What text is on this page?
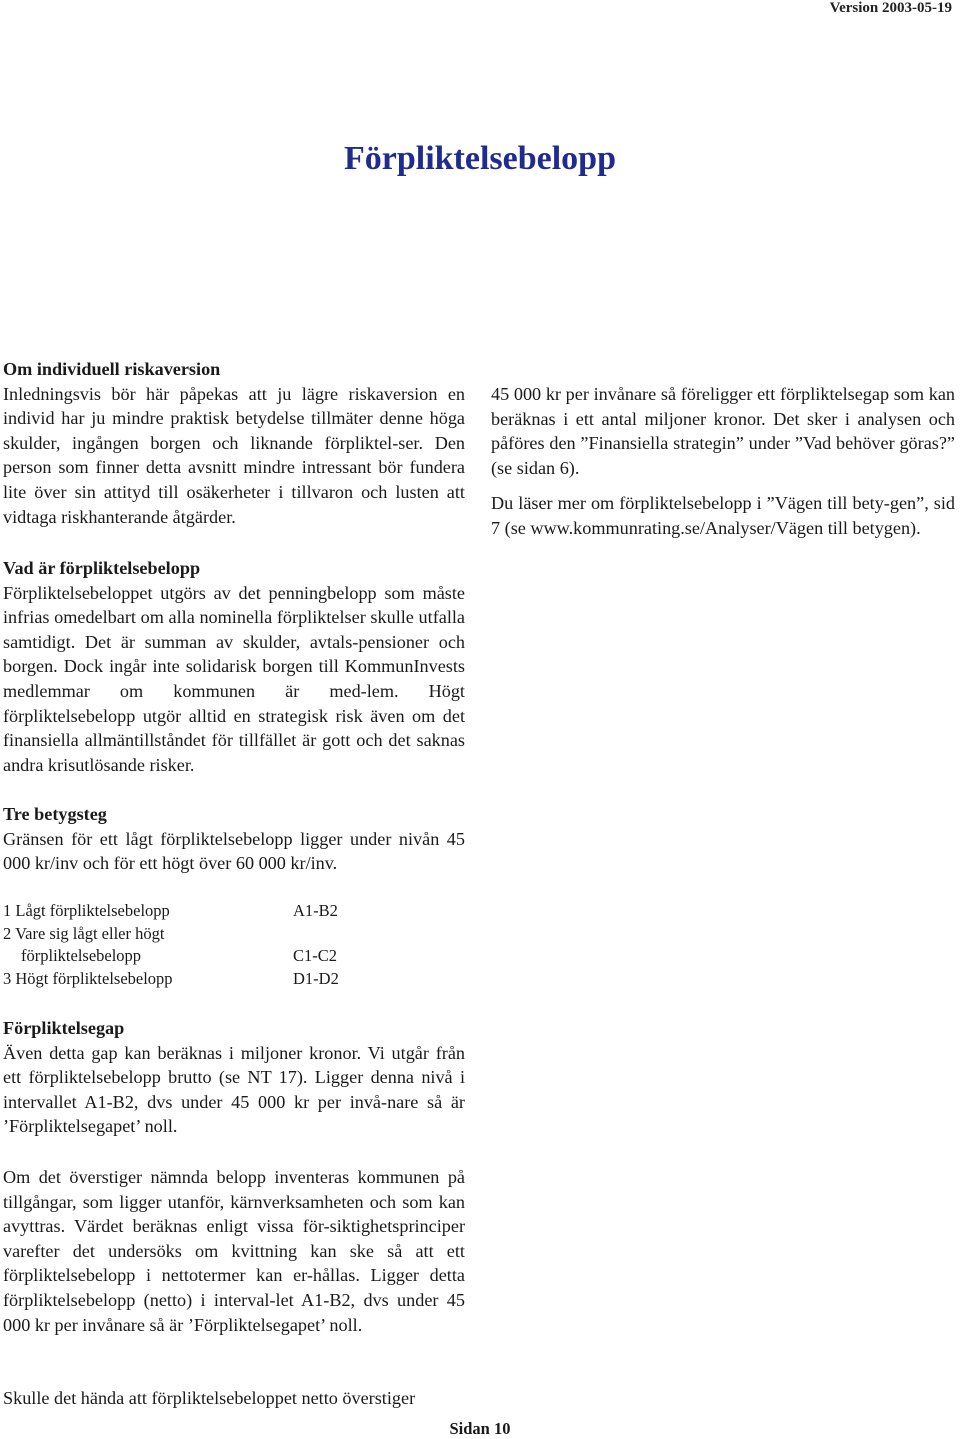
Version 2003-05-19
Förpliktelsebelopp
Om individuell riskaversion

Inledningsvis bör här påpekas att ju lägre riskaversion en individ har ju mindre praktisk betydelse tillmäter denne höga skulder, ingången borgen och liknande förpliktel-ser. Den person som finner detta avsnitt mindre intressant bör fundera lite över sin attityd till osäkerheter i tillvaron och lusten att vidtaga riskhanterande åtgärder.

Vad är förpliktelsebelopp

Förpliktelsebeloppet utgörs av det penningbelopp som måste infrias omedelbart om alla nominella förpliktelser skulle utfalla samtidigt. Det är summan av skulder, avtals-pensioner och borgen. Dock ingår inte solidarisk borgen till KommunInvests medlemmar om kommunen är med-lem. Högt förpliktelsebelopp utgör alltid en strategisk risk även om det finansiella allmäntillståndet för tillfället är gott och det saknas andra krisutlösande risker.

Tre betygsteg

Gränsen för ett lågt förpliktelsebelopp ligger under nivån 45 000 kr/inv och för ett högt över 60 000 kr/inv.

1 Lågt förpliktelsebelopp	A1-B2
2 Vare sig lågt eller högt
förpliktelsebelopp	C1-C2
3 Högt förpliktelsebelopp	D1-D2
Förpliktelsegap

Även detta gap kan beräknas i miljoner kronor. Vi utgår från ett förpliktelsebelopp brutto (se NT 17). Ligger denna nivå i intervallet A1-B2, dvs under 45 000 kr per invå-nare så är ’Förpliktelsegapet’ noll.

Om det överstiger nämnda belopp inventeras kommunen på tillgångar, som ligger utanför, kärnverksamheten och som kan avyttras. Värdet beräknas enligt vissa för-siktighetsprinciper varefter det undersöks om kvittning kan ske så att ett förpliktelsebelopp i nettotermer kan er-hållas. Ligger detta förpliktelsebelopp (netto) i interval-let A1-B2, dvs under 45 000 kr per invånare så är ’Förpliktelsegapet’ noll.

Skulle det hända att förpliktelsebeloppet netto överstiger

45 000 kr per invånare så föreligger ett förpliktelsegap som kan beräknas i ett antal miljoner kronor. Det sker i analysen och påföres den ”Finansiella strategin” under ”Vad behöver göras?” (se sidan 6).

Du läser mer om förpliktelsebelopp i ”Vägen till bety-gen”, sid 7 (se www.kommunrating.se/Analyser/Vägen till betygen).

Sidan 10
